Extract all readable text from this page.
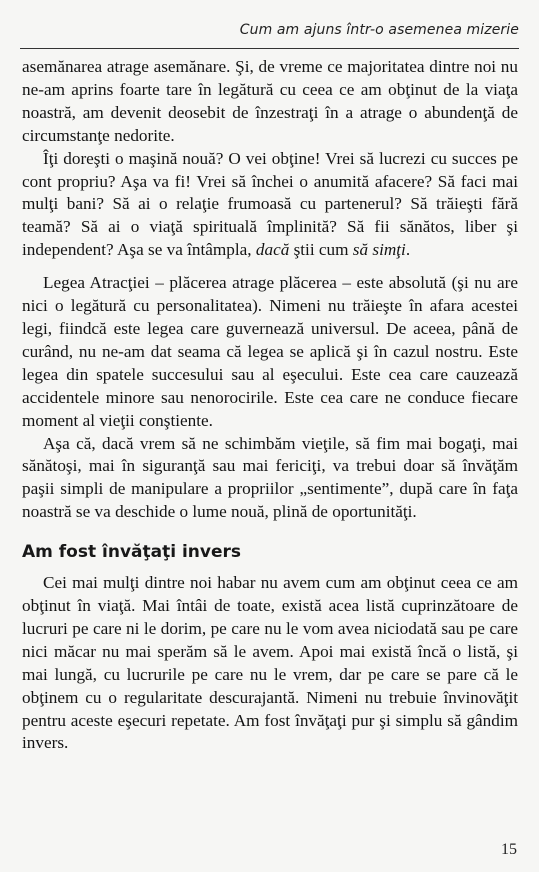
Cum am ajuns într-o asemenea mizerie

asemănarea atrage asemănare. Şi, de vreme ce majoritatea dintre noi nu ne-am aprins foarte tare în legătură cu ceea ce am obţinut de la viaţa noastră, am devenit deosebit de înzestraţi în a atrage o abundenţă de circumstanţe nedorite.

Îţi doreşti o maşină nouă? O vei obţine! Vrei să lucrezi cu succes pe cont propriu? Aşa va fi! Vrei să închei o anumită afacere? Să faci mai mulţi bani? Să ai o relaţie frumoasă cu partenerul? Să trăieşti fără teamă? Să ai o viaţă spirituală împlinită? Să fii sănătos, liber şi independent? Aşa se va întâmpla, dacă ştii cum să simţi.

Legea Atracţiei – plăcerea atrage plăcerea – este absolută (şi nu are nici o legătură cu personalitatea). Nimeni nu trăieşte în afara acestei legi, fiindcă este legea care guvernează universul. De aceea, până de curând, nu ne-am dat seama că legea se aplică şi în cazul nostru. Este legea din spatele succesului sau al eşecului. Este cea care cauzează accidentele minore sau nenorocirile. Este cea care ne conduce fiecare moment al vieţii conştiente.

Aşa că, dacă vrem să ne schimbăm vieţile, să fim mai bogaţi, mai sănătoşi, mai în siguranţă sau mai fericiţi, va trebui doar să învăţăm paşii simpli de manipulare a propriilor „sentimente”, după care în faţa noastră se va deschide o lume nouă, plină de oportunităţi.

Am fost învăţaţi invers

Cei mai mulţi dintre noi habar nu avem cum am obţinut ceea ce am obţinut în viaţă. Mai întâi de toate, există acea listă cuprinzătoare de lucruri pe care ni le dorim, pe care nu le vom avea niciodată sau pe care nici măcar nu mai sperăm să le avem. Apoi mai există încă o listă, şi mai lungă, cu lucrurile pe care nu le vrem, dar pe care se pare că le obţinem cu o regularitate descurajantă. Nimeni nu trebuie învinovăţit pentru aceste eşecuri repetate. Am fost învăţaţi pur şi simplu să gândim invers.

15
